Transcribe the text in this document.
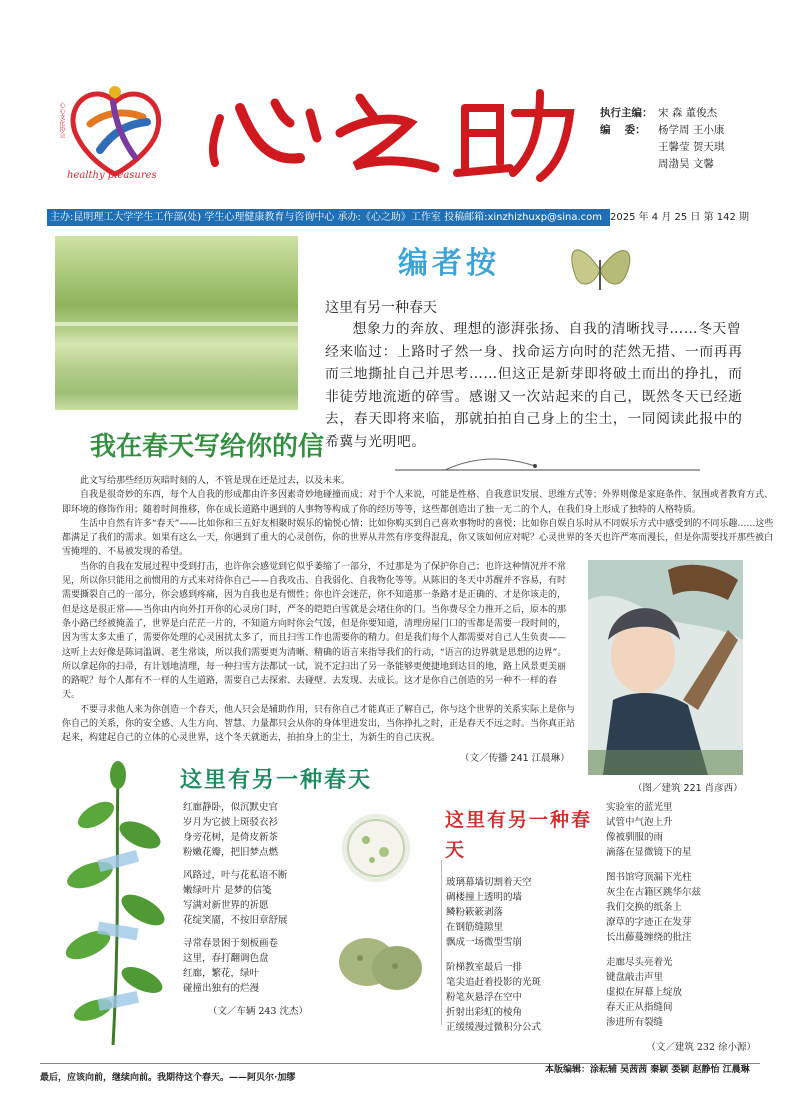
healthy pleasures
心心文化协会	执行主编： 宋 森 董俊杰
编　 委：	杨学周 王小康
王馨莹 贺天琪
周渤昊 文馨
主办:昆明理工大学学生工作部(处) 学生心理健康教育与咨询中心 承办:《心之助》工作室 投稿邮箱:xinzhizhuxp@sina.com 2025 年 4 月 25 日 第 142 期
编者按
这里有另一种春天
想象力的奔放、理想的澎湃张扬、自我的清晰找寻……冬天曾经来临过：上路时孑然一身、找命运方向时的茫然无措、一而再再而三地撕扯自己并思考……但这正是新芽即将破土而出的挣扎，而非徒劳地流逝的碎雪。感谢又一次站起来的自己，既然冬天已经逝去，春天即将来临，那就拍拍自己身上的尘土，一同阅读此报中的希冀与光明吧。
我在春天写给你的信

此文写给那些经历灰暗时刻的人，不管是现在还是过去，以及未来。

自我是很奇妙的东西，每个人自我的形成都由许多因素奇妙地碰撞而成；对于个人来说，可能是性格、自我意识发展、思维方式等；外界则像是家庭条件、氛围或者教育方式、即环境的修饰作用；随着时间推移，你在成长道路中遇到的人事物等构成了你的经历等等，这些都创造出了独一无二的个人，在我们身上形成了独特的人格特质。

生活中自然有许多“春天”——比如你和三五好友相聚时娱乐的愉悦心情；比如你购买到自己喜欢事物时的喜悦；比如你自娱自乐时从不同娱乐方式中感受到的不同乐趣……这些都满足了我们的需求。如果有这么一天，你遇到了重大的心灵创伤，你的世界从井然有序变得混乱，你又该如何应对呢？心灵世界的冬天也许严寒而漫长，但是你需要找开那些被白雪掩埋的、不易被发现的希望。

当你的自我在发展过程中受到打击，也许你会感觉到它似乎萎缩了一部分，不过那是为了保护你自己；也许这种情况并不常见，所以你只能用之前惯用的方式来对待你自己——自我攻击、自我弱化、自我物化等等。从陈旧的冬天中苏醒并不容易，有时需要撕裂自己的一部分，你会感到疼痛，因为自我也是有惯性；你也许会迷茫，你不知道那一条路才是正确的、才是你该走的，但是这是很正常——当你由内向外打开你的心灵房门时，严冬的皑皑白雪就是会堵住你的门。当你费尽全力推开之后，原本的那条小路已经被掩盖了，世界是白茫茫一片的，不知道方向时你会气馁，但是你要知道，清理房屋门口的雪都是需要一段时间的，因为雪太多太重了，需要你处理的心灵困扰太多了，而且扫雪工作也需要你的精力。但是我们每个人都需要对自己人生负责——这听上去好像是陈词滥调、老生常谈，所以我们需要更为清晰、精确的语言来指导我们的行动，“语言的边界就是思想的边界”。所以拿起你的扫帚，有计划地清理，每一种扫雪方法都试一试，说不定扫出了另一条能够更便捷地到达目的地，路上风景更美丽的路呢？每个人都有不一样的人生道路，需要自己去探索、去碰壁、去发现、去成长。这才是你自己创造的另一种不一样的春天。

不要寻求他人来为你创造一个春天，他人只会是辅助作用，只有你自己才能真正了解自己，你与这个世界的关系实际上是你与你自己的关系，你的安全感、人生方向、智慧、力量都只会从你的身体里进发出，当你挣扎之时，正是春天不远之时。当你真正站起来，构建起自己的立体的心灵世界，这个冬天就逝去，拍拍身上的尘土，为新生的自己庆祝。

（文／传播 241 江晨琳）
（图／建筑 221 肖彦西）
这里有另一种春天
红廊静卧，似沉默史官
岁月为它披上斑驳衣衫
身旁花树，是倚皮新茶
粉嫩花瓣，把旧梦点燃
风路过，叶与花私语不断
嫩绿叶片 是梦的信笺
写满对新世界的祈愿
花绽笑靥，不按旧章舒展
寻常春景困于刻板画卷
这里，春打翻调色盘
红廊，繁花，绿叶
碰撞出独有的烂漫
（文／车辆 243 沈杰）
这里有另一种春天
玻璃幕墙切割着天空
碉楼撞上透明的墙
鳞粉簌簌剥落
在钢筋缝隙里
飘成一场微型雪崩
阶梯教室最后一排
笔尖追赶着投影的光斑
粉笔灰悬浮在空中
折射出彩虹的棱角
正缓缓漫过微积分公式
实验室的蓝光里
试管中气泡上升
像被驯服的雨
滴落在显微镜下的星
图书馆穹顶漏下光柱
灰尘在古籍区跳华尔兹
我们交换的纸条上
潦草的字迹正在发芽
长出藤蔓缠绕的批注
走廊尽头亮着光
键盘敲击声里
虚拟在屏幕上绽放
春天正从指缝间
渗进所有裂缝
（文／建筑 232 徐小源）
本版编辑：涂耘辅 吴茜茜 秦颖 娄颖 赵静怡 江晨琳
最后，应该向前，继续向前。我期待这个春天。——阿贝尔·加缪
